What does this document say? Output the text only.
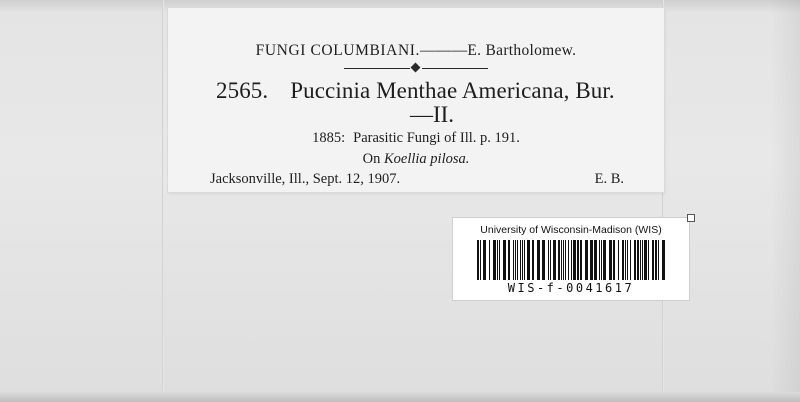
FUNGI COLUMBIANI.———E. Bartholomew.
2565. Puccinia Menthae Americana, Bur.
—II.
1885: Parasitic Fungi of Ill. p. 191.
On Koellia pilosa.
Jacksonville, Ill., Sept. 12, 1907.	E. B.
University of Wisconsin-Madison (WIS)
WIS-f-0041617
